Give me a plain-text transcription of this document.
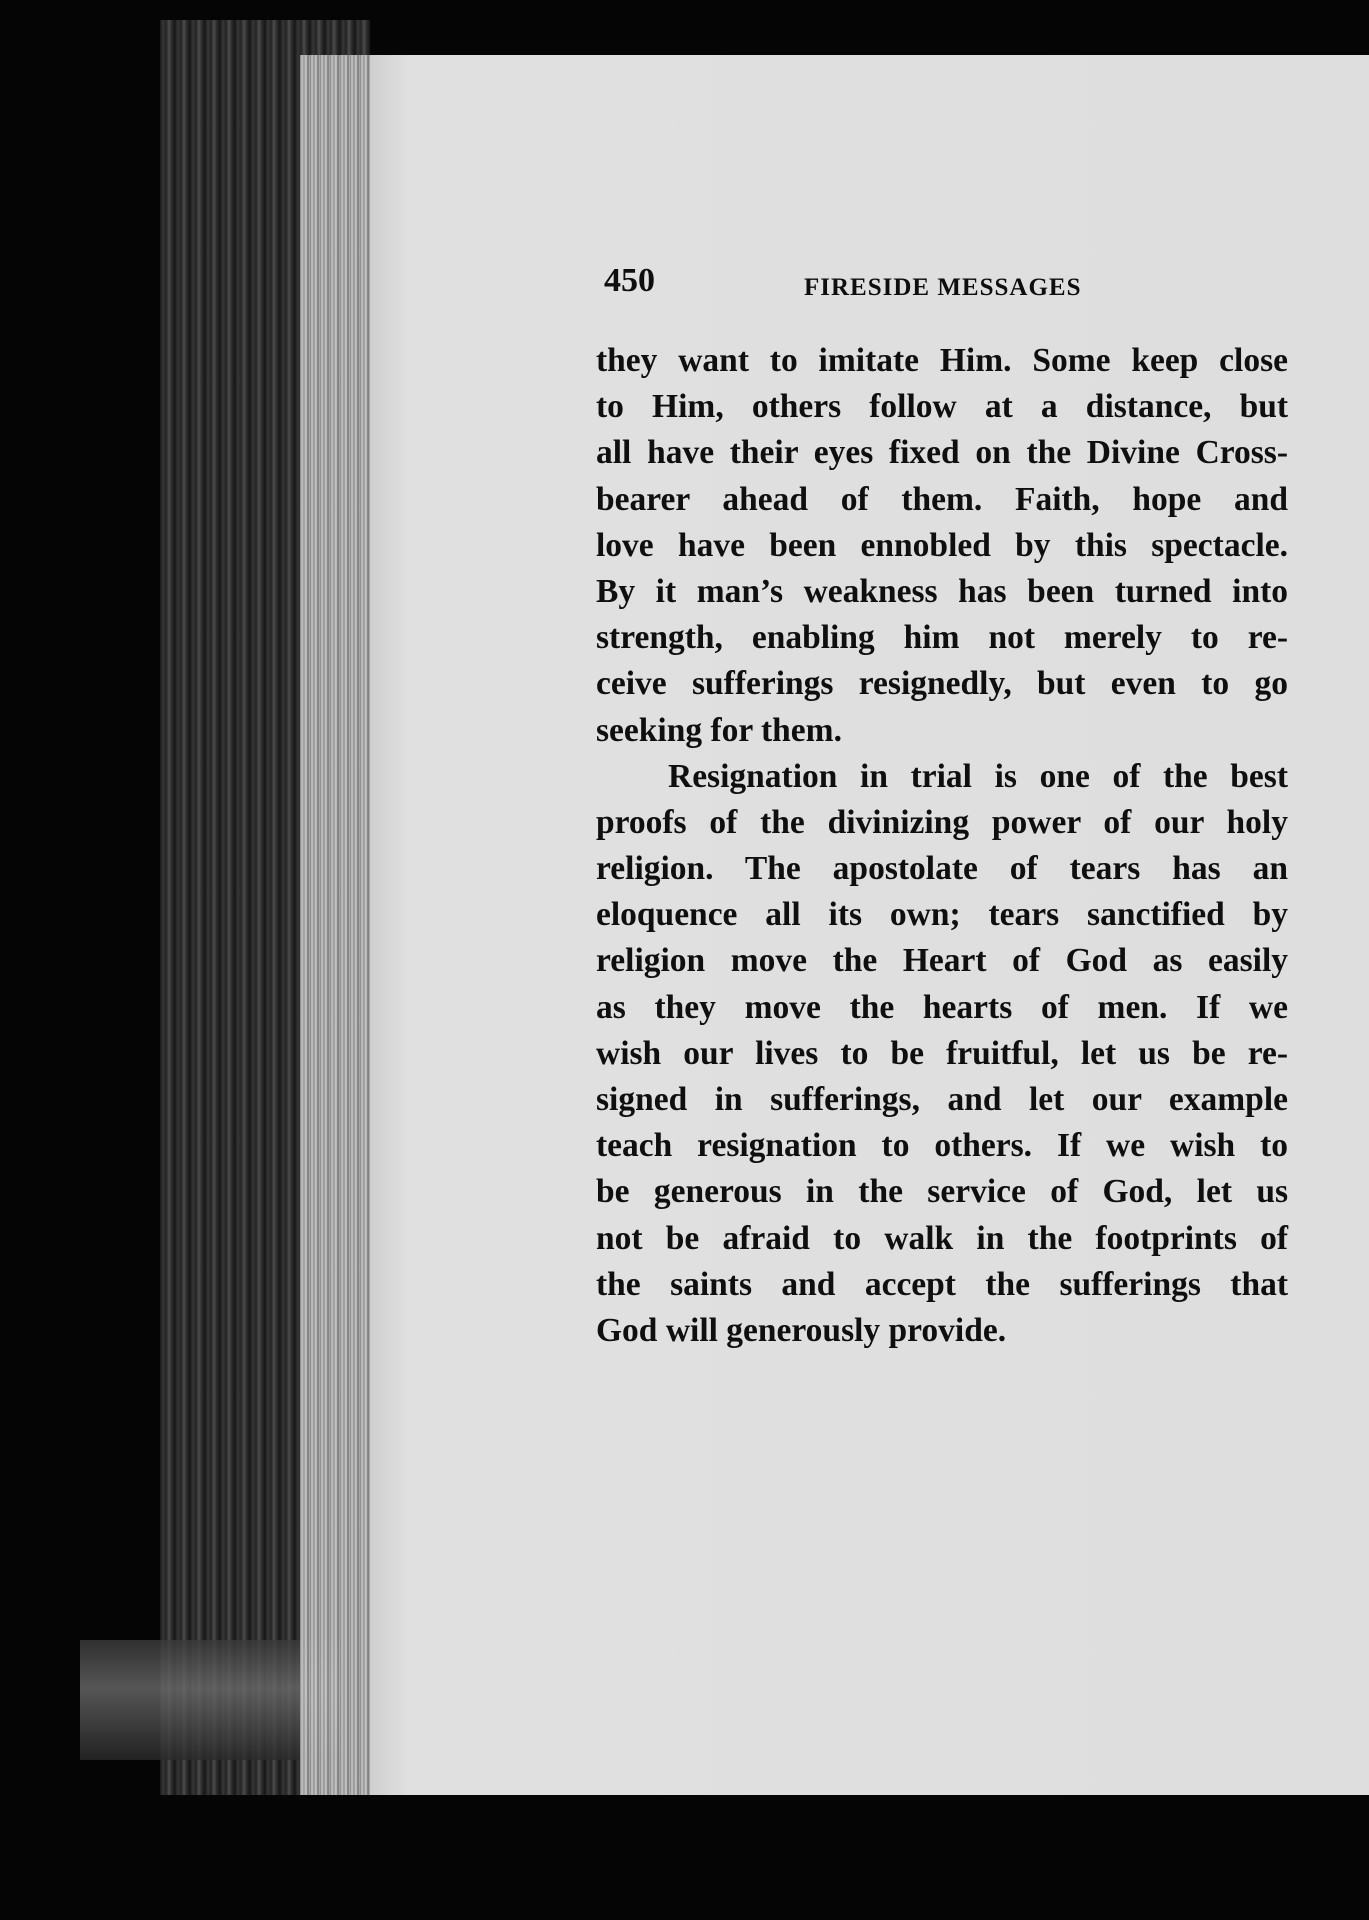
450	FIRESIDE MESSAGES
they want to imitate Him. Some keep close
to Him, others follow at a distance, but
all have their eyes fixed on the Divine Cross-
bearer ahead of them. Faith, hope and
love have been ennobled by this spectacle.
By it man’s weakness has been turned into
strength, enabling him not merely to re-
ceive sufferings resignedly, but even to go
seeking for them.
Resignation in trial is one of the best
proofs of the divinizing power of our holy
religion. The apostolate of tears has an
eloquence all its own; tears sanctified by
religion move the Heart of God as easily
as they move the hearts of men. If we
wish our lives to be fruitful, let us be re-
signed in sufferings, and let our example
teach resignation to others. If we wish to
be generous in the service of God, let us
not be afraid to walk in the footprints of
the saints and accept the sufferings that
God will generously provide.
